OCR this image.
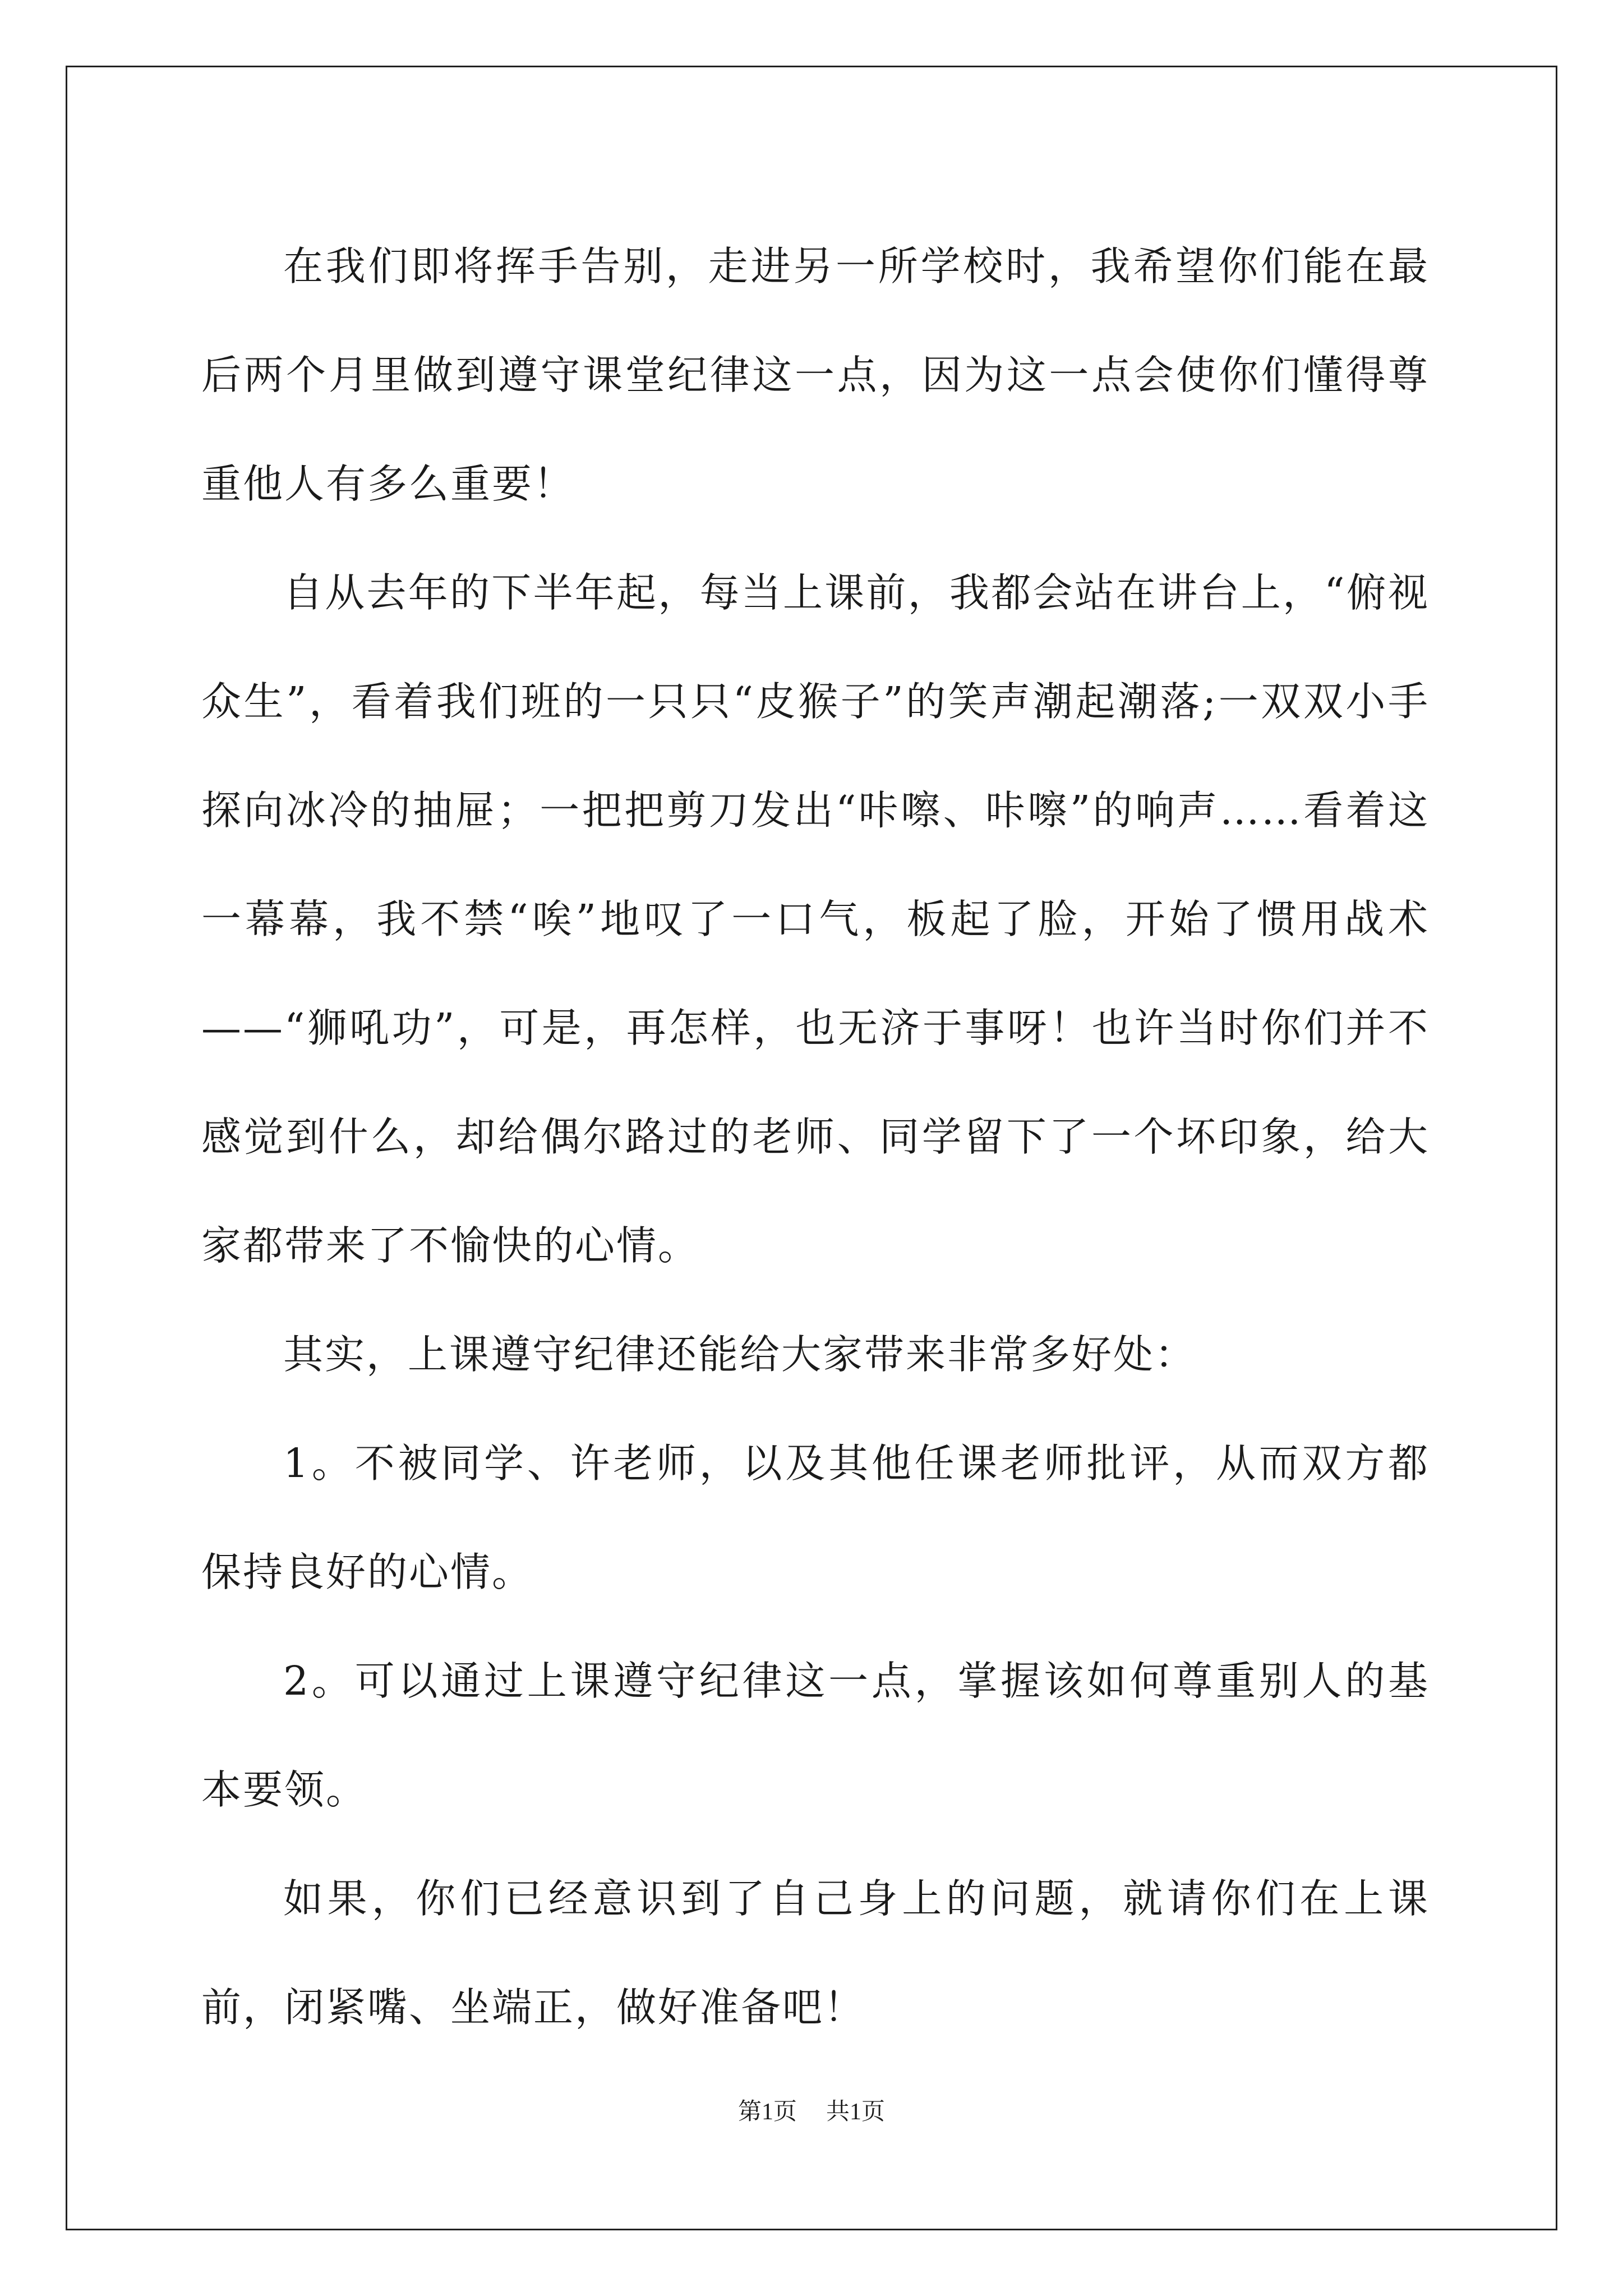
在我们即将挥手告别，走进另一所学校时，我希望你们能在最后两个月里做到遵守课堂纪律这一点，因为这一点会使你们懂得尊重他人有多么重要！

自从去年的下半年起，每当上课前，我都会站在讲台上，“俯视众生”，看着我们班的一只只“皮猴子”的笑声潮起潮落;一双双小手探向冰冷的抽屉；一把把剪刀发出“咔嚓、咔嚓”的响声……看着这一幕幕，我不禁“唉”地叹了一口气，板起了脸，开始了惯用战术——“狮吼功”，可是，再怎样，也无济于事呀！也许当时你们并不感觉到什么，却给偶尔路过的老师、同学留下了一个坏印象，给大家都带来了不愉快的心情。

其实，上课遵守纪律还能给大家带来非常多好处：

1。不被同学、许老师，以及其他任课老师批评，从而双方都保持良好的心情。

2。可以通过上课遵守纪律这一点，掌握该如何尊重别人的基本要领。

如果，你们已经意识到了自己身上的问题，就请你们在上课前，闭紧嘴、坐端正，做好准备吧！

第1页 共1页
